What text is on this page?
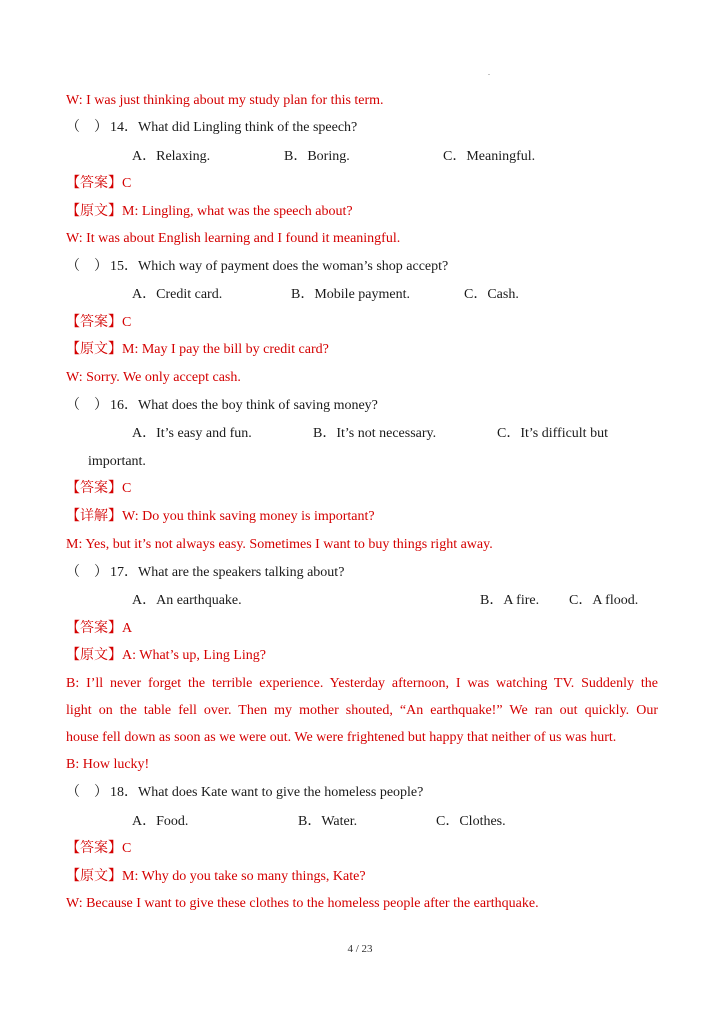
.
W: I was just thinking about my study plan for this term.
（    ） 14．What did Lingling think of the speech?
A．Relaxing.	B．Boring.	C．Meaningful.
【答案】C
【原文】M: Lingling, what was the speech about?
W: It was about English learning and I found it meaningful.
（    ） 15．Which way of payment does the woman’s shop accept?
A．Credit card.	B．Mobile payment.	C．Cash.
【答案】C
【原文】M: May I pay the bill by credit card?
W: Sorry. We only accept cash.
（    ） 16．What does the boy think of saving money?
A．It’s easy and fun.	B．It’s not necessary.	C．It’s difficult but
important.
【答案】C
【详解】W: Do you think saving money is important?
M: Yes, but it’s not always easy. Sometimes I want to buy things right away.
（    ） 17．What are the speakers talking about?
A．An earthquake.	B．A fire. C．A flood.
【答案】A
【原文】A: What’s up, Ling Ling?
B: I’ll never forget the terrible experience. Yesterday afternoon, I was watching TV. Suddenly the
light on the table fell over. Then my mother shouted, “An earthquake!” We ran out quickly. Our
house fell down as soon as we were out. We were frightened but happy that neither of us was hurt.
B: How lucky!
（    ） 18．What does Kate want to give the homeless people?
A．Food.	B．Water.	C．Clothes.
【答案】C
【原文】M: Why do you take so many things, Kate?
W: Because I want to give these clothes to the homeless people after the earthquake.
4 / 23
